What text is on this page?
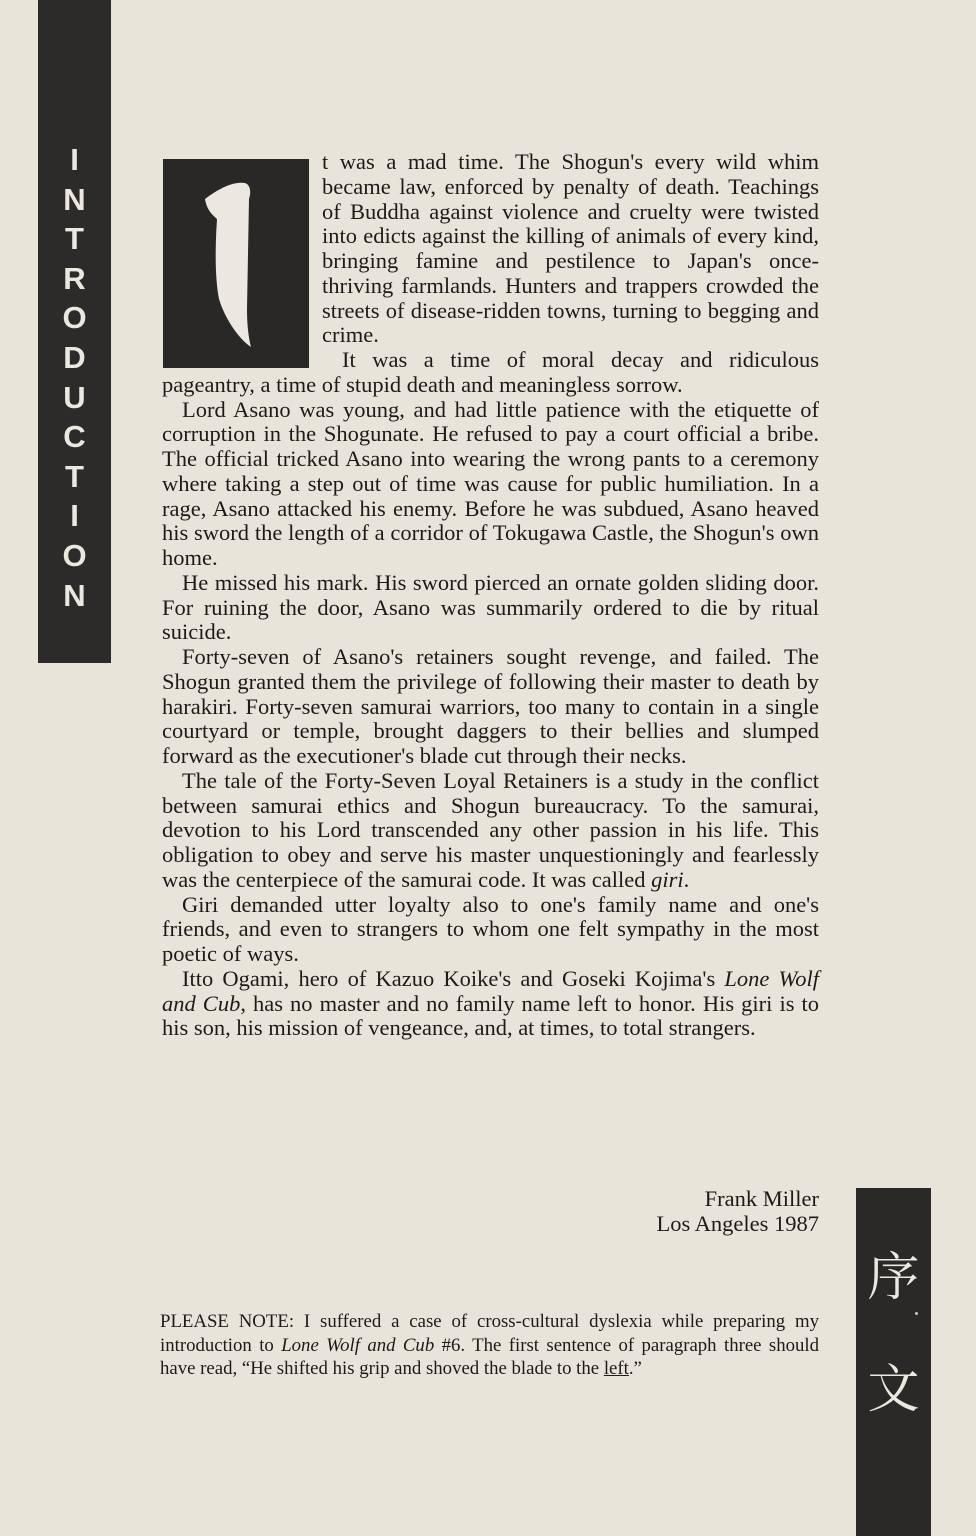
I
N
T
R
O
D
U
C
T
I
O
N

t was a mad time. The Shogun's every wild whim became law, enforced by penalty of death. Teachings of Buddha against violence and cruelty were twisted into edicts against the killing of animals of every kind, bringing famine and pestilence to Japan's once-thriving farmlands. Hunters and trappers crowded the streets of disease-ridden towns, turning to begging and crime.

It was a time of moral decay and ridiculous pageantry, a time of stupid death and meaningless sorrow.

Lord Asano was young, and had little patience with the etiquette of corruption in the Shogunate. He refused to pay a court official a bribe. The official tricked Asano into wearing the wrong pants to a ceremony where taking a step out of time was cause for public humiliation. In a rage, Asano attacked his enemy. Before he was subdued, Asano heaved his sword the length of a corridor of Tokugawa Castle, the Shogun's own home.

He missed his mark. His sword pierced an ornate golden sliding door. For ruining the door, Asano was summarily ordered to die by ritual suicide.

Forty-seven of Asano's retainers sought revenge, and failed. The Shogun granted them the privilege of following their master to death by harakiri. Forty-seven samurai warriors, too many to contain in a single courtyard or temple, brought daggers to their bellies and slumped forward as the executioner's blade cut through their necks.

The tale of the Forty-Seven Loyal Retainers is a study in the conflict between samurai ethics and Shogun bureaucracy. To the samurai, devotion to his Lord transcended any other passion in his life. This obligation to obey and serve his master unquestioningly and fearlessly was the centerpiece of the samurai code. It was called giri.

Giri demanded utter loyalty also to one's family name and one's friends, and even to strangers to whom one felt sympathy in the most poetic of ways.

Itto Ogami, hero of Kazuo Koike's and Goseki Kojima's Lone Wolf and Cub, has no master and no family name left to honor. His giri is to his son, his mission of vengeance, and, at times, to total strangers.

Frank Miller
Los Angeles 1987
PLEASE NOTE: I suffered a case of cross-cultural dyslexia while preparing my introduction to Lone Wolf and Cub #6. The first sentence of paragraph three should have read, “He shifted his grip and shoved the blade to the left.”
序
文
